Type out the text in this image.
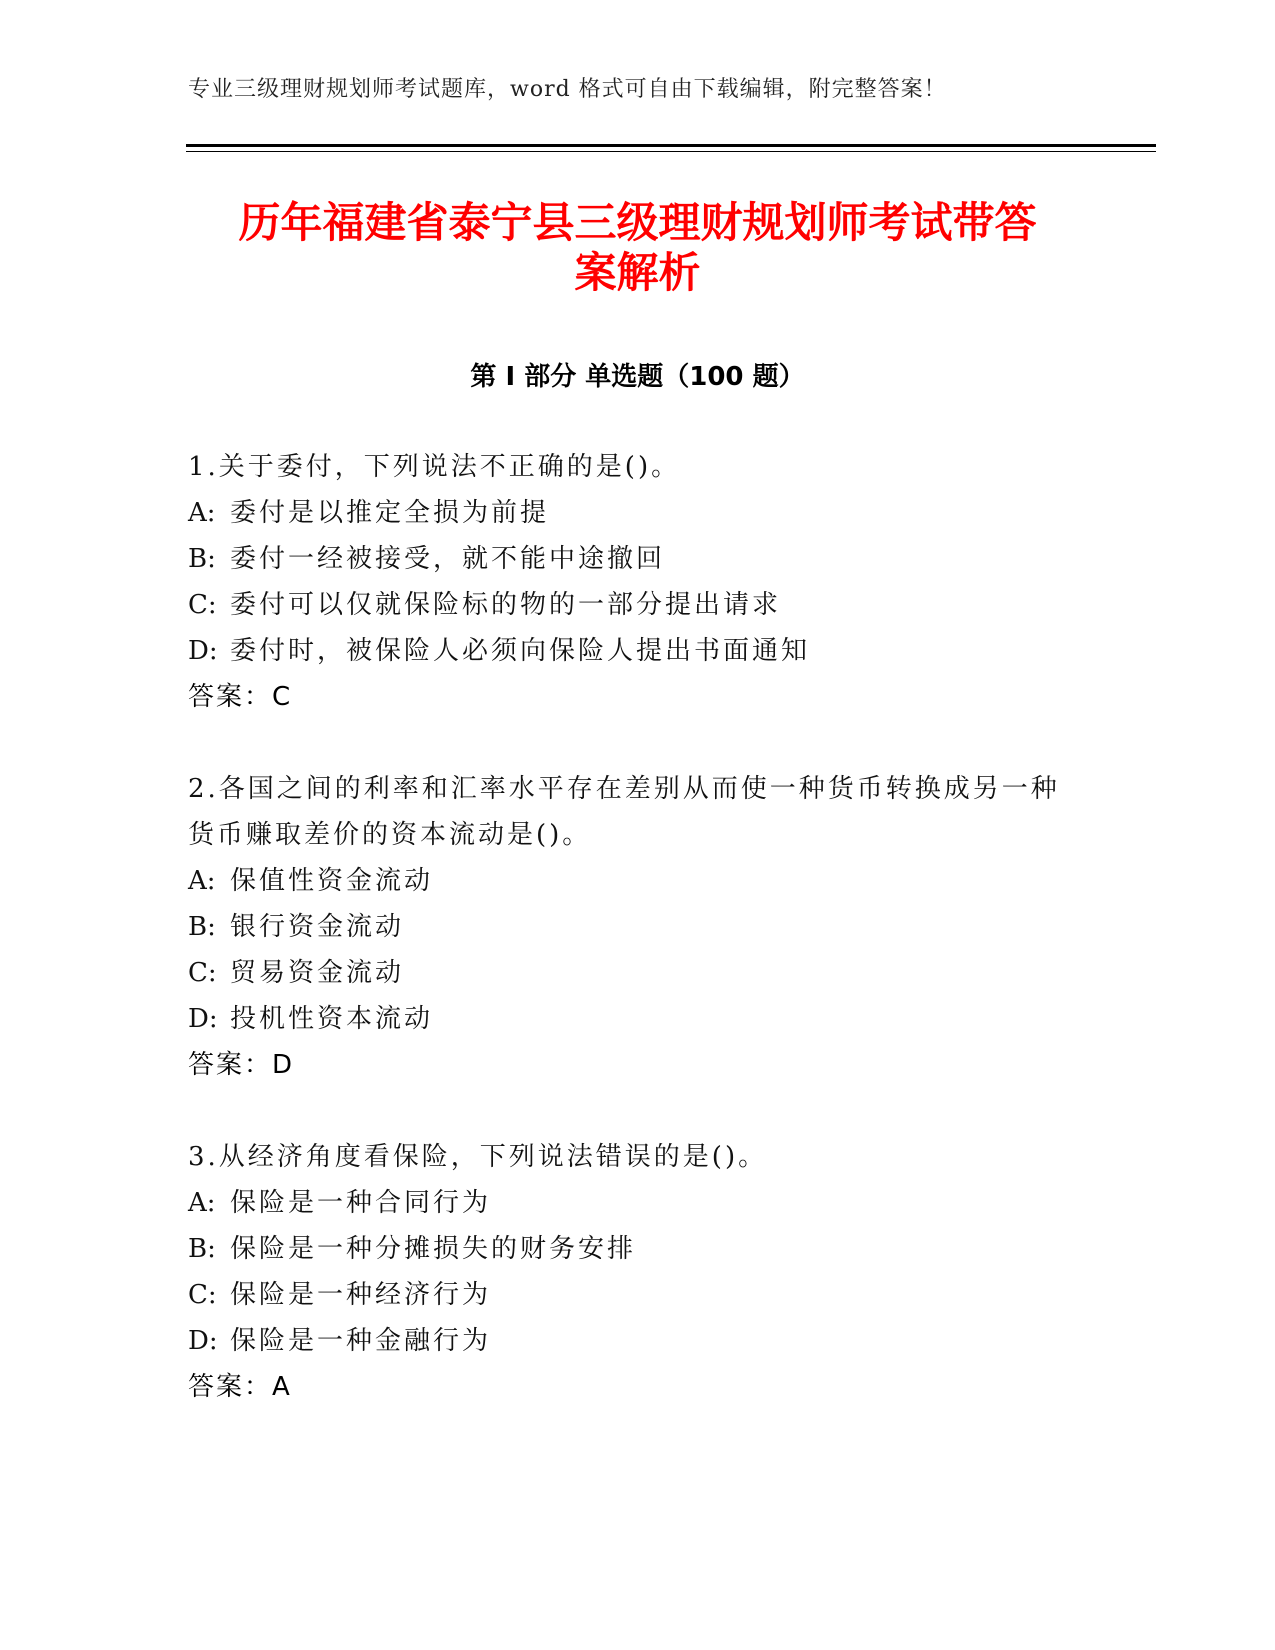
专业三级理财规划师考试题库，word 格式可自由下载编辑，附完整答案！
历年福建省泰宁县三级理财规划师考试带答
案解析
第 I 部分 单选题（100 题）
1.关于委付，下列说法不正确的是()。
A: 委付是以推定全损为前提
B: 委付一经被接受，就不能中途撤回
C: 委付可以仅就保险标的物的一部分提出请求
D: 委付时，被保险人必须向保险人提出书面通知
答案：C
2.各国之间的利率和汇率水平存在差别从而使一种货币转换成另一种
货币赚取差价的资本流动是()。
A: 保值性资金流动
B: 银行资金流动
C: 贸易资金流动
D: 投机性资本流动
答案：D
3.从经济角度看保险，下列说法错误的是()。
A: 保险是一种合同行为
B: 保险是一种分摊损失的财务安排
C: 保险是一种经济行为
D: 保险是一种金融行为
答案：A
